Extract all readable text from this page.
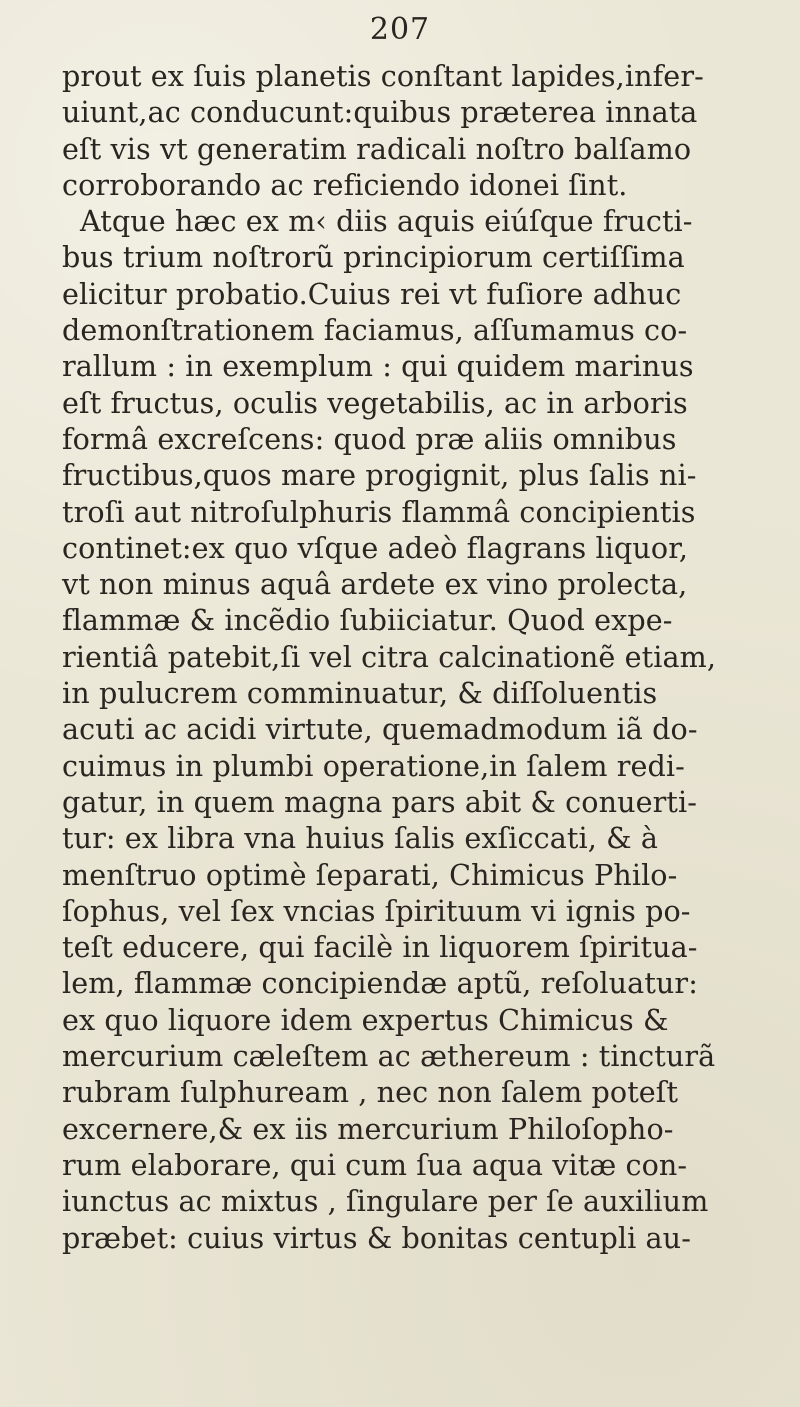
207
prout ex ſuis planetis conſtant lapides,infer-
uiunt,ac conducunt:quibus prӕterea innata
eſt vis vt generatim radicali noſtro balſamo
corroborando ac reficiendo idonei ſint.
Atque hӕc ex m‹ diis aquis eiúſque fructi-
bus trium noſtrorũ principiorum certiſſima
elicitur probatio.Cuius rei vt fuſiore adhuc
demonſtrationem faciamus, aſſumamus co-
rallum : in exemplum : qui quidem marinus
eſt fructus, oculis vegetabilis, ac in arboris
formâ excreſcens: quod prӕ aliis omnibus
fructibus,quos mare progignit, plus ſalis ni-
troſi aut nitroſulphuris flammâ concipientis
continet:ex quo vſque adeò flagrans liquor,
vt non minus aquâ ardete ex vino prolecta,
flammӕ & incẽdio ſubiiciatur. Quod expe-
rientiâ patebit,ſi vel citra calcinationẽ etiam,
in pulucrem comminuatur, & diſſoluentis
acuti ac acidi virtute, quemadmodum iã do-
cuimus in plumbi operatione,in ſalem redi-
gatur, in quem magna pars abit & conuerti-
tur: ex libra vna huius ſalis exſiccati, & à
menſtruo optimè ſeparati, Chimicus Philo-
ſophus, vel ſex vncias ſpirituum vi ignis po-
teſt educere, qui facilè in liquorem ſpiritua-
lem, flammӕ concipiendӕ aptũ, reſoluatur:
ex quo liquore idem expertus Chimicus &
mercurium cӕleſtem ac ӕthereum : tincturã
rubram ſulphuream , nec non ſalem poteſt
excernere,& ex iis mercurium Philoſopho-
rum elaborare, qui cum ſua aqua vitӕ con-
iunctus ac mixtus , ſingulare per ſe auxilium
prӕbet: cuius virtus & bonitas centupli au-
